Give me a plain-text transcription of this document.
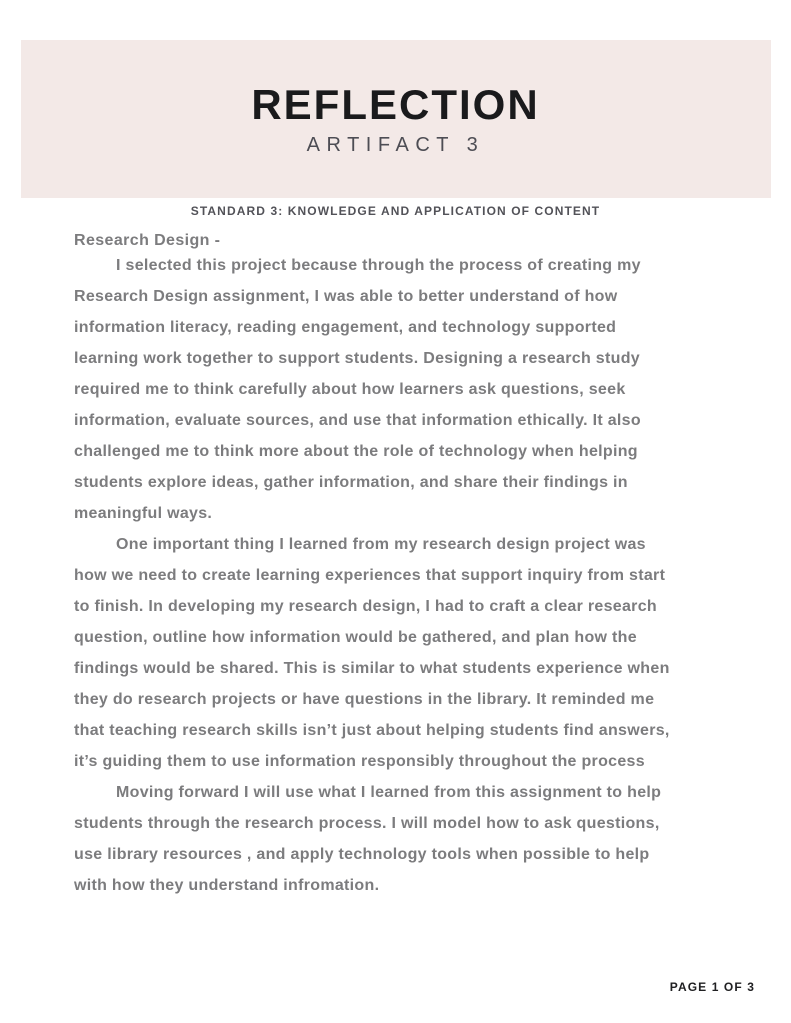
REFLECTION
ARTIFACT 3
STANDARD 3: KNOWLEDGE AND APPLICATION OF CONTENT
Research Design -
I selected this project because through the process of creating my
Research Design assignment, I was able to better understand of how
information literacy, reading engagement, and technology supported
learning work together to support students. Designing a research study
required me to think carefully about how learners ask questions, seek
information, evaluate sources, and use that information ethically. It also
challenged me to think more about the role of technology when helping
students explore ideas, gather information, and share their findings in
meaningful ways.
One important thing I learned from my research design project was
how we need to create learning experiences that support inquiry from start
to finish. In developing my research design, I had to craft a clear research
question, outline how information would be gathered, and plan how the
findings would be shared. This is similar to what students experience when
they do research projects or have questions in the library. It reminded me
that teaching research skills isn’t just about helping students find answers,
it’s guiding them to use information responsibly throughout the process
Moving forward I will use what I learned from this assignment to help
students through the research process. I will model how to ask questions,
use library resources , and apply technology tools when possible to help
with how they understand infromation.
PAGE 1 OF 3
